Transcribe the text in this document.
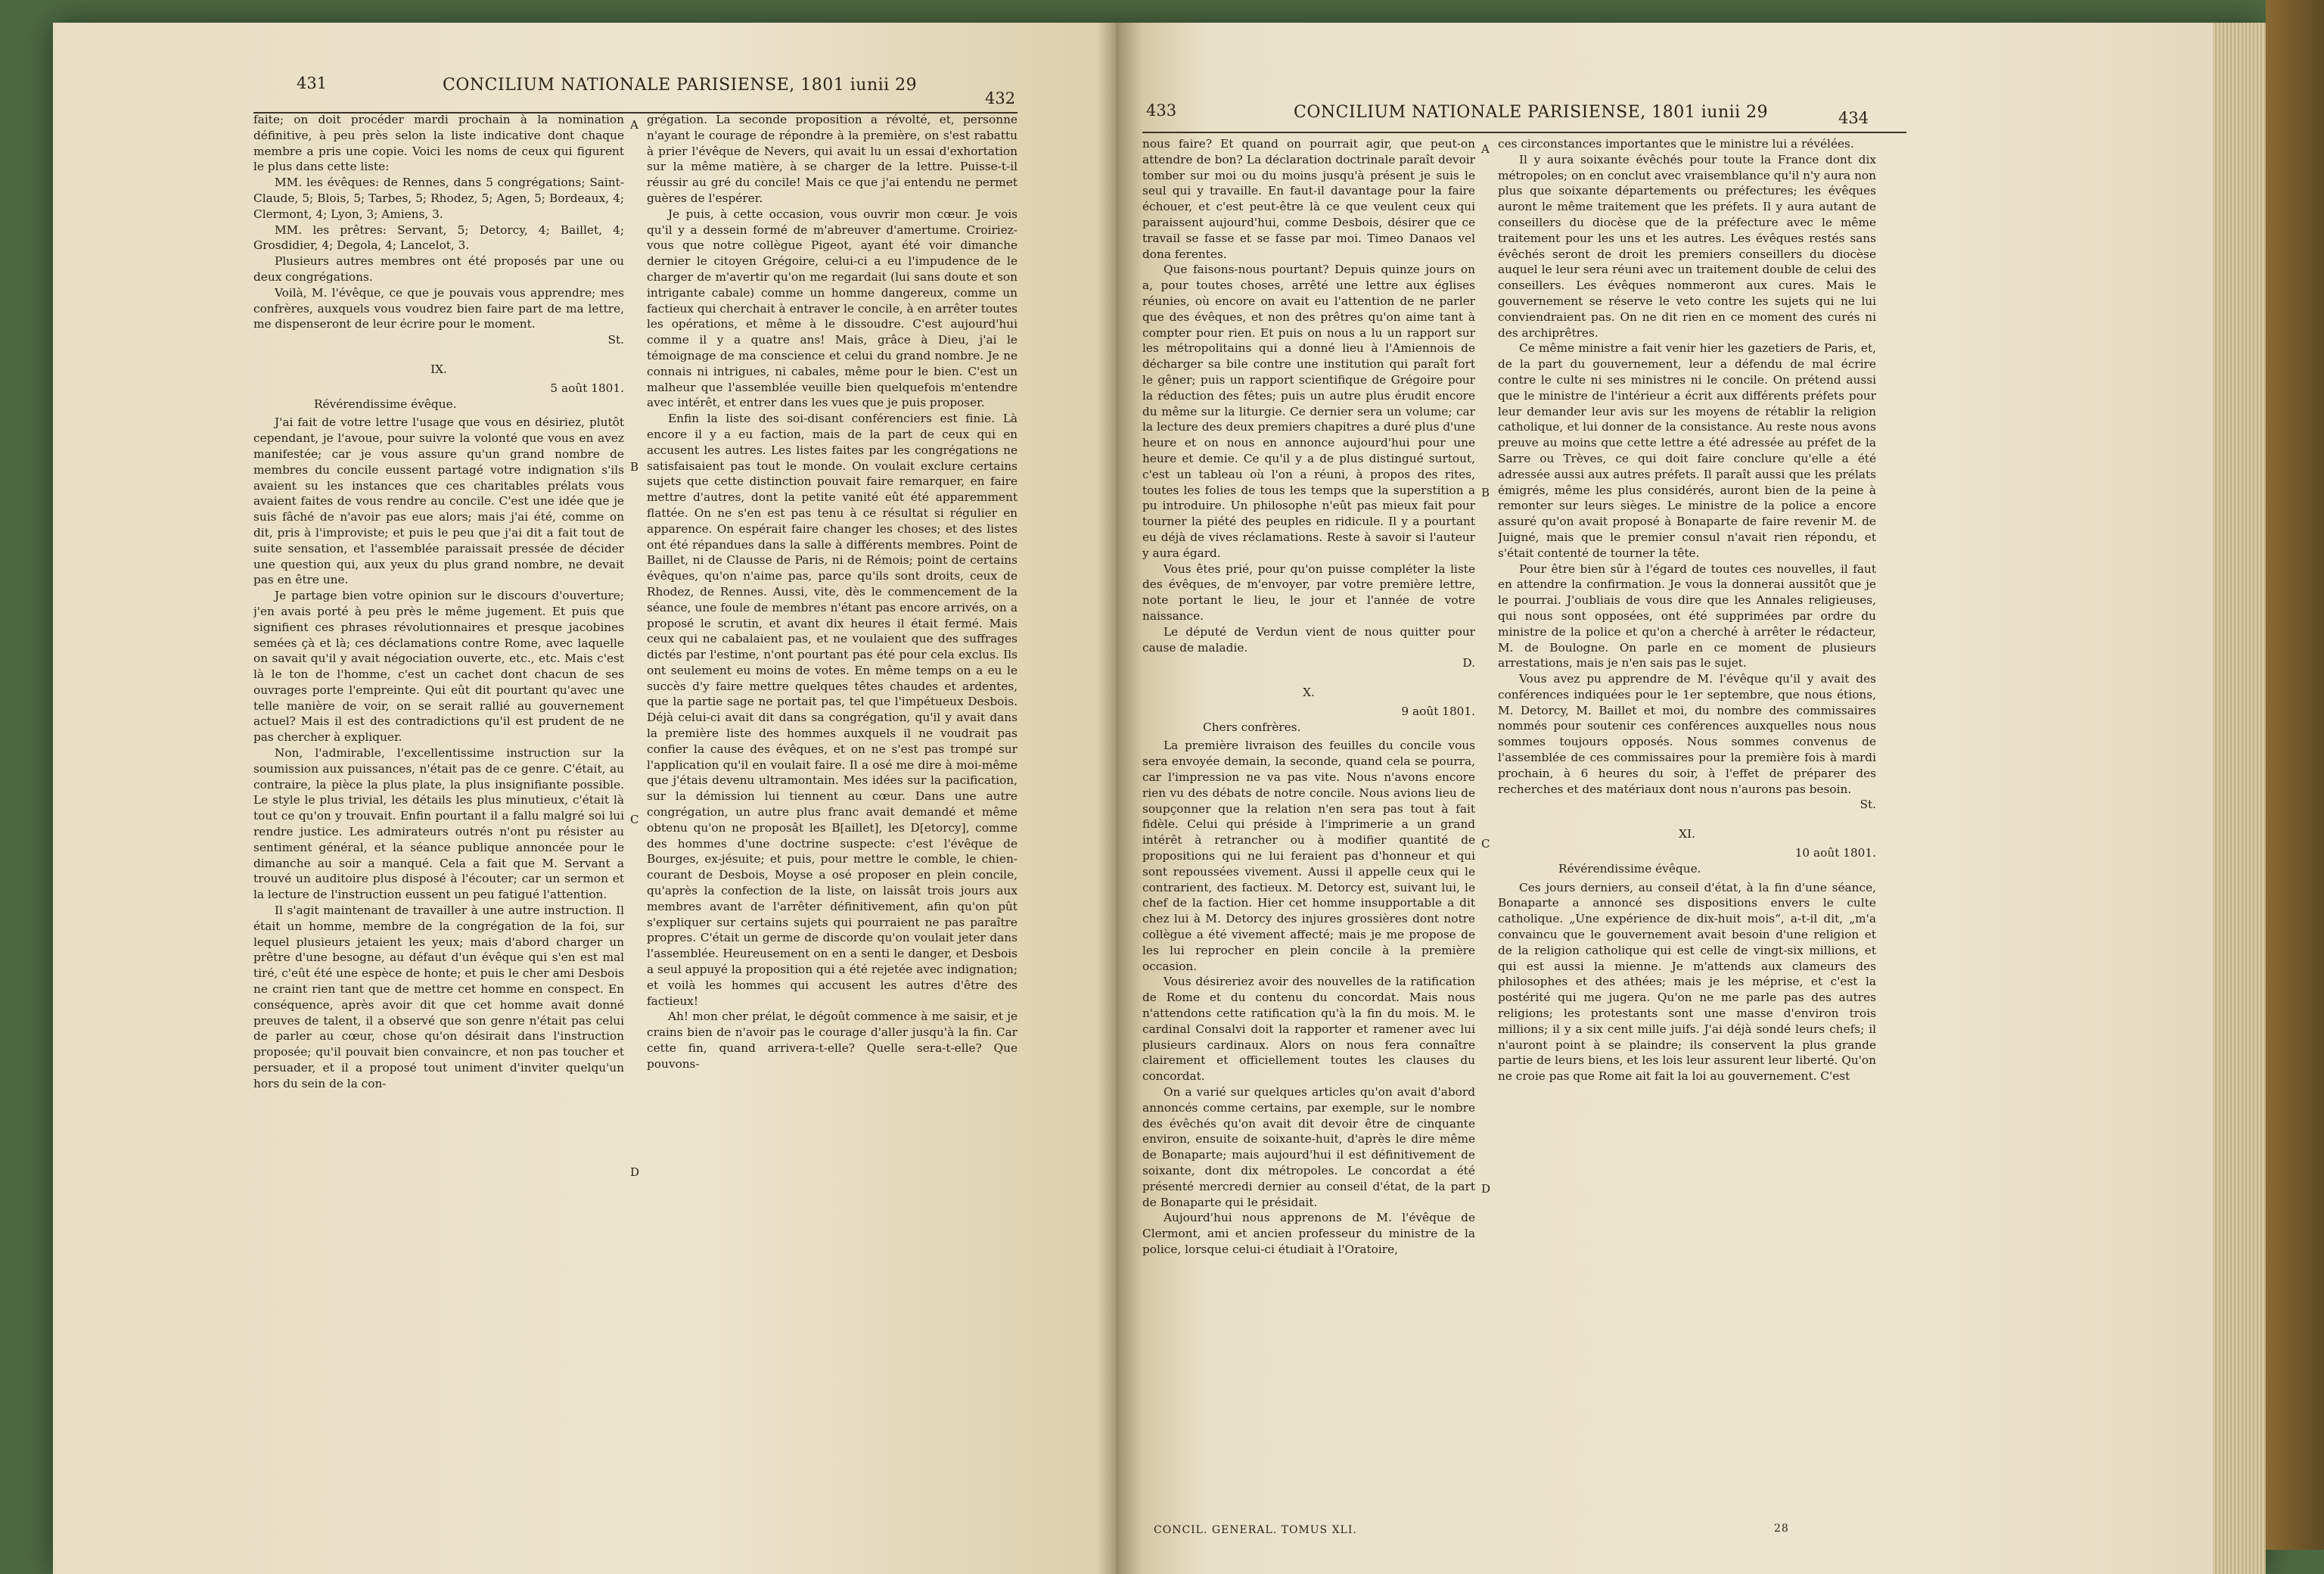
431	CONCILIUM NATIONALE PARISIENSE, 1801 iunii 29
432
433	CONCILIUM NATIONALE PARISIENSE, 1801 iunii 29	434
A
B
C
D
A
B
C
D

faite; on doit procéder mardi prochain à la nomination définitive, à peu près selon la liste indicative dont chaque membre a pris une copie. Voici les noms de ceux qui figurent le plus dans cette liste:

MM. les évêques: de Rennes, dans 5 congrégations; Saint-Claude, 5; Blois, 5; Tarbes, 5; Rhodez, 5; Agen, 5; Bordeaux, 4; Clermont, 4; Lyon, 3; Amiens, 3.

MM. les prêtres: Servant, 5; Detorcy, 4; Baillet, 4; Grosdidier, 4; Degola, 4; Lancelot, 3.

Plusieurs autres membres ont été proposés par une ou deux congrégations.

Voilà, M. l'évêque, ce que je pouvais vous apprendre; mes confrères, auxquels vous voudrez bien faire part de ma lettre, me dispenseront de leur écrire pour le moment.

St.

IX.

5 août 1801.

Révérendissime évêque.

J'ai fait de votre lettre l'usage que vous en désiriez, plutôt cependant, je l'avoue, pour suivre la volonté que vous en avez manifestée; car je vous assure qu'un grand nombre de membres du concile eussent partagé votre indignation s'ils avaient su les instances que ces charitables prélats vous avaient faites de vous rendre au concile. C'est une idée que je suis fâché de n'avoir pas eue alors; mais j'ai été, comme on dit, pris à l'improviste; et puis le peu que j'ai dit a fait tout de suite sensation, et l'assemblée paraissait pressée de décider une question qui, aux yeux du plus grand nombre, ne devait pas en être une.

Je partage bien votre opinion sur le discours d'ouverture; j'en avais porté à peu près le même jugement. Et puis que signifient ces phrases révolutionnaires et presque jacobines semées çà et là; ces déclamations contre Rome, avec laquelle on savait qu'il y avait négociation ouverte, etc., etc. Mais c'est là le ton de l'homme, c'est un cachet dont chacun de ses ouvrages porte l'empreinte. Qui eût dit pourtant qu'avec une telle manière de voir, on se serait rallié au gouvernement actuel? Mais il est des contradictions qu'il est prudent de ne pas chercher à expliquer.

Non, l'admirable, l'excellentissime instruction sur la soumission aux puissances, n'était pas de ce genre. C'était, au contraire, la pièce la plus plate, la plus insignifiante possible. Le style le plus trivial, les détails les plus minutieux, c'était là tout ce qu'on y trouvait. Enfin pourtant il a fallu malgré soi lui rendre justice. Les admirateurs outrés n'ont pu résister au sentiment général, et la séance publique annoncée pour le dimanche au soir a manqué. Cela a fait que M. Servant a trouvé un auditoire plus disposé à l'écouter; car un sermon et la lecture de l'instruction eussent un peu fatigué l'attention.

Il s'agit maintenant de travailler à une autre instruction. Il était un homme, membre de la congrégation de la foi, sur lequel plusieurs jetaient les yeux; mais d'abord charger un prêtre d'une besogne, au défaut d'un évêque qui s'en est mal tiré, c'eût été une espèce de honte; et puis le cher ami Desbois ne craint rien tant que de mettre cet homme en conspect. En conséquence, après avoir dit que cet homme avait donné preuves de talent, il a observé que son genre n'était pas celui de parler au cœur, chose qu'on désirait dans l'instruction proposée; qu'il pouvait bien convaincre, et non pas toucher et persuader, et il a proposé tout uniment d'inviter quelqu'un hors du sein de la con-

grégation. La seconde proposition a révolté, et, personne n'ayant le courage de répondre à la première, on s'est rabattu à prier l'évêque de Nevers, qui avait lu un essai d'exhortation sur la même matière, à se charger de la lettre. Puisse-t-il réussir au gré du concile! Mais ce que j'ai entendu ne permet guères de l'espérer.

Je puis, à cette occasion, vous ouvrir mon cœur. Je vois qu'il y a dessein formé de m'abreuver d'amertume. Croiriez-vous que notre collègue Pigeot, ayant été voir dimanche dernier le citoyen Grégoire, celui-ci a eu l'impudence de le charger de m'avertir qu'on me regardait (lui sans doute et son intrigante cabale) comme un homme dangereux, comme un factieux qui cherchait à entraver le concile, à en arrêter toutes les opérations, et même à le dissoudre. C'est aujourd'hui comme il y a quatre ans! Mais, grâce à Dieu, j'ai le témoignage de ma conscience et celui du grand nombre. Je ne connais ni intrigues, ni cabales, même pour le bien. C'est un malheur que l'assemblée veuille bien quelquefois m'entendre avec intérêt, et entrer dans les vues que je puis proposer.

Enfin la liste des soi-disant conférenciers est finie. Là encore il y a eu faction, mais de la part de ceux qui en accusent les autres. Les listes faites par les congrégations ne satisfaisaient pas tout le monde. On voulait exclure certains sujets que cette distinction pouvait faire remarquer, en faire mettre d'autres, dont la petite vanité eût été apparemment flattée. On ne s'en est pas tenu à ce résultat si régulier en apparence. On espérait faire changer les choses; et des listes ont été répandues dans la salle à différents membres. Point de Baillet, ni de Clausse de Paris, ni de Rémois; point de certains évêques, qu'on n'aime pas, parce qu'ils sont droits, ceux de Rhodez, de Rennes. Aussi, vite, dès le commencement de la séance, une foule de membres n'étant pas encore arrivés, on a proposé le scrutin, et avant dix heures il était fermé. Mais ceux qui ne cabalaient pas, et ne voulaient que des suffrages dictés par l'estime, n'ont pourtant pas été pour cela exclus. Ils ont seulement eu moins de votes. En même temps on a eu le succès d'y faire mettre quelques têtes chaudes et ardentes, que la partie sage ne portait pas, tel que l'impétueux Desbois. Déjà celui-ci avait dit dans sa congrégation, qu'il y avait dans la première liste des hommes auxquels il ne voudrait pas confier la cause des évêques, et on ne s'est pas trompé sur l'application qu'il en voulait faire. Il a osé me dire à moi-même que j'étais devenu ultramontain. Mes idées sur la pacification, sur la démission lui tiennent au cœur. Dans une autre congrégation, un autre plus franc avait demandé et même obtenu qu'on ne proposât les B[aillet], les D[etorcy], comme des hommes d'une doctrine suspecte: c'est l'évêque de Bourges, ex-jésuite; et puis, pour mettre le comble, le chien-courant de Desbois, Moyse a osé proposer en plein concile, qu'après la confection de la liste, on laissât trois jours aux membres avant de l'arrêter définitivement, afin qu'on pût s'expliquer sur certains sujets qui pourraient ne pas paraître propres. C'était un germe de discorde qu'on voulait jeter dans l'assemblée. Heureusement on en a senti le danger, et Desbois a seul appuyé la proposition qui a été rejetée avec indignation; et voilà les hommes qui accusent les autres d'être des factieux!

Ah! mon cher prélat, le dégoût commence à me saisir, et je crains bien de n'avoir pas le courage d'aller jusqu'à la fin. Car cette fin, quand arrivera-t-elle? Quelle sera-t-elle? Que pouvons-

nous faire? Et quand on pourrait agir, que peut-on attendre de bon? La déclaration doctrinale paraît devoir tomber sur moi ou du moins jusqu'à présent je suis le seul qui y travaille. En faut-il davantage pour la faire échouer, et c'est peut-être là ce que veulent ceux qui paraissent aujourd'hui, comme Desbois, désirer que ce travail se fasse et se fasse par moi. Timeo Danaos vel dona ferentes.

Que faisons-nous pourtant? Depuis quinze jours on a, pour toutes choses, arrêté une lettre aux églises réunies, où encore on avait eu l'attention de ne parler que des évêques, et non des prêtres qu'on aime tant à compter pour rien. Et puis on nous a lu un rapport sur les métropolitains qui a donné lieu à l'Amiennois de décharger sa bile contre une institution qui paraît fort le gêner; puis un rapport scientifique de Grégoire pour la réduction des fêtes; puis un autre plus érudit encore du même sur la liturgie. Ce dernier sera un volume; car la lecture des deux premiers chapitres a duré plus d'une heure et on nous en annonce aujourd'hui pour une heure et demie. Ce qu'il y a de plus distingué surtout, c'est un tableau où l'on a réuni, à propos des rites, toutes les folies de tous les temps que la superstition a pu introduire. Un philosophe n'eût pas mieux fait pour tourner la piété des peuples en ridicule. Il y a pourtant eu déjà de vives réclamations. Reste à savoir si l'auteur y aura égard.

Vous êtes prié, pour qu'on puisse compléter la liste des évêques, de m'envoyer, par votre première lettre, note portant le lieu, le jour et l'année de votre naissance.

Le député de Verdun vient de nous quitter pour cause de maladie.

D.

X.

9 août 1801.

Chers confrères.

La première livraison des feuilles du concile vous sera envoyée demain, la seconde, quand cela se pourra, car l'impression ne va pas vite. Nous n'avons encore rien vu des débats de notre concile. Nous avions lieu de soupçonner que la relation n'en sera pas tout à fait fidèle. Celui qui préside à l'imprimerie a un grand intérêt à retrancher ou à modifier quantité de propositions qui ne lui feraient pas d'honneur et qui sont repoussées vivement. Aussi il appelle ceux qui le contrarient, des factieux. M. Detorcy est, suivant lui, le chef de la faction. Hier cet homme insupportable a dit chez lui à M. Detorcy des injures grossières dont notre collègue a été vivement affecté; mais je me propose de les lui reprocher en plein concile à la première occasion.

Vous désireriez avoir des nouvelles de la ratification de Rome et du contenu du concordat. Mais nous n'attendons cette ratification qu'à la fin du mois. M. le cardinal Consalvi doit la rapporter et ramener avec lui plusieurs cardinaux. Alors on nous fera connaître clairement et officiellement toutes les clauses du concordat.

On a varié sur quelques articles qu'on avait d'abord annoncés comme certains, par exemple, sur le nombre des évêchés qu'on avait dit devoir être de cinquante environ, ensuite de soixante-huit, d'après le dire même de Bonaparte; mais aujourd'hui il est définitivement de soixante, dont dix métropoles. Le concordat a été présenté mercredi dernier au conseil d'état, de la part de Bonaparte qui le présidait.

Aujourd'hui nous apprenons de M. l'évêque de Clermont, ami et ancien professeur du ministre de la police, lorsque celui-ci étudiait à l'Oratoire,

ces circonstances importantes que le ministre lui a révélées.

Il y aura soixante évêchés pour toute la France dont dix métropoles; on en conclut avec vraisemblance qu'il n'y aura non plus que soixante départements ou préfectures; les évêques auront le même traitement que les préfets. Il y aura autant de conseillers du diocèse que de la préfecture avec le même traitement pour les uns et les autres. Les évêques restés sans évêchés seront de droit les premiers conseillers du diocèse auquel le leur sera réuni avec un traitement double de celui des conseillers. Les évêques nommeront aux cures. Mais le gouvernement se réserve le veto contre les sujets qui ne lui conviendraient pas. On ne dit rien en ce moment des curés ni des archiprêtres.

Ce même ministre a fait venir hier les gazetiers de Paris, et, de la part du gouvernement, leur a défendu de mal écrire contre le culte ni ses ministres ni le concile. On prétend aussi que le ministre de l'intérieur a écrit aux différents préfets pour leur demander leur avis sur les moyens de rétablir la religion catholique, et lui donner de la consistance. Au reste nous avons preuve au moins que cette lettre a été adressée au préfet de la Sarre ou Trèves, ce qui doit faire conclure qu'elle a été adressée aussi aux autres préfets. Il paraît aussi que les prélats émigrés, même les plus considérés, auront bien de la peine à remonter sur leurs sièges. Le ministre de la police a encore assuré qu'on avait proposé à Bonaparte de faire revenir M. de Juigné, mais que le premier consul n'avait rien répondu, et s'était contenté de tourner la tête.

Pour être bien sûr à l'égard de toutes ces nouvelles, il faut en attendre la confirmation. Je vous la donnerai aussitôt que je le pourrai. J'oubliais de vous dire que les Annales religieuses, qui nous sont opposées, ont été supprimées par ordre du ministre de la police et qu'on a cherché à arrêter le rédacteur, M. de Boulogne. On parle en ce moment de plusieurs arrestations, mais je n'en sais pas le sujet.

Vous avez pu apprendre de M. l'évêque qu'il y avait des conférences indiquées pour le 1er septembre, que nous étions, M. Detorcy, M. Baillet et moi, du nombre des commissaires nommés pour soutenir ces conférences auxquelles nous nous sommes toujours opposés. Nous sommes convenus de l'assemblée de ces commissaires pour la première fois à mardi prochain, à 6 heures du soir, à l'effet de préparer des recherches et des matériaux dont nous n'aurons pas besoin.

St.

XI.

10 août 1801.

Révérendissime évêque.

Ces jours derniers, au conseil d'état, à la fin d'une séance, Bonaparte a annoncé ses dispositions envers le culte catholique. „Une expérience de dix-huit mois“, a-t-il dit, „m'a convaincu que le gouvernement avait besoin d'une religion et de la religion catholique qui est celle de vingt-six millions, et qui est aussi la mienne. Je m'attends aux clameurs des philosophes et des athées; mais je les méprise, et c'est la postérité qui me jugera. Qu'on ne me parle pas des autres religions; les protestants sont une masse d'environ trois millions; il y a six cent mille juifs. J'ai déjà sondé leurs chefs; il n'auront point à se plaindre; ils conservent la plus grande partie de leurs biens, et les lois leur assurent leur liberté. Qu'on ne croie pas que Rome ait fait la loi au gouvernement. C'est

CONCIL. GENERAL. TOMUS XLI.	28
